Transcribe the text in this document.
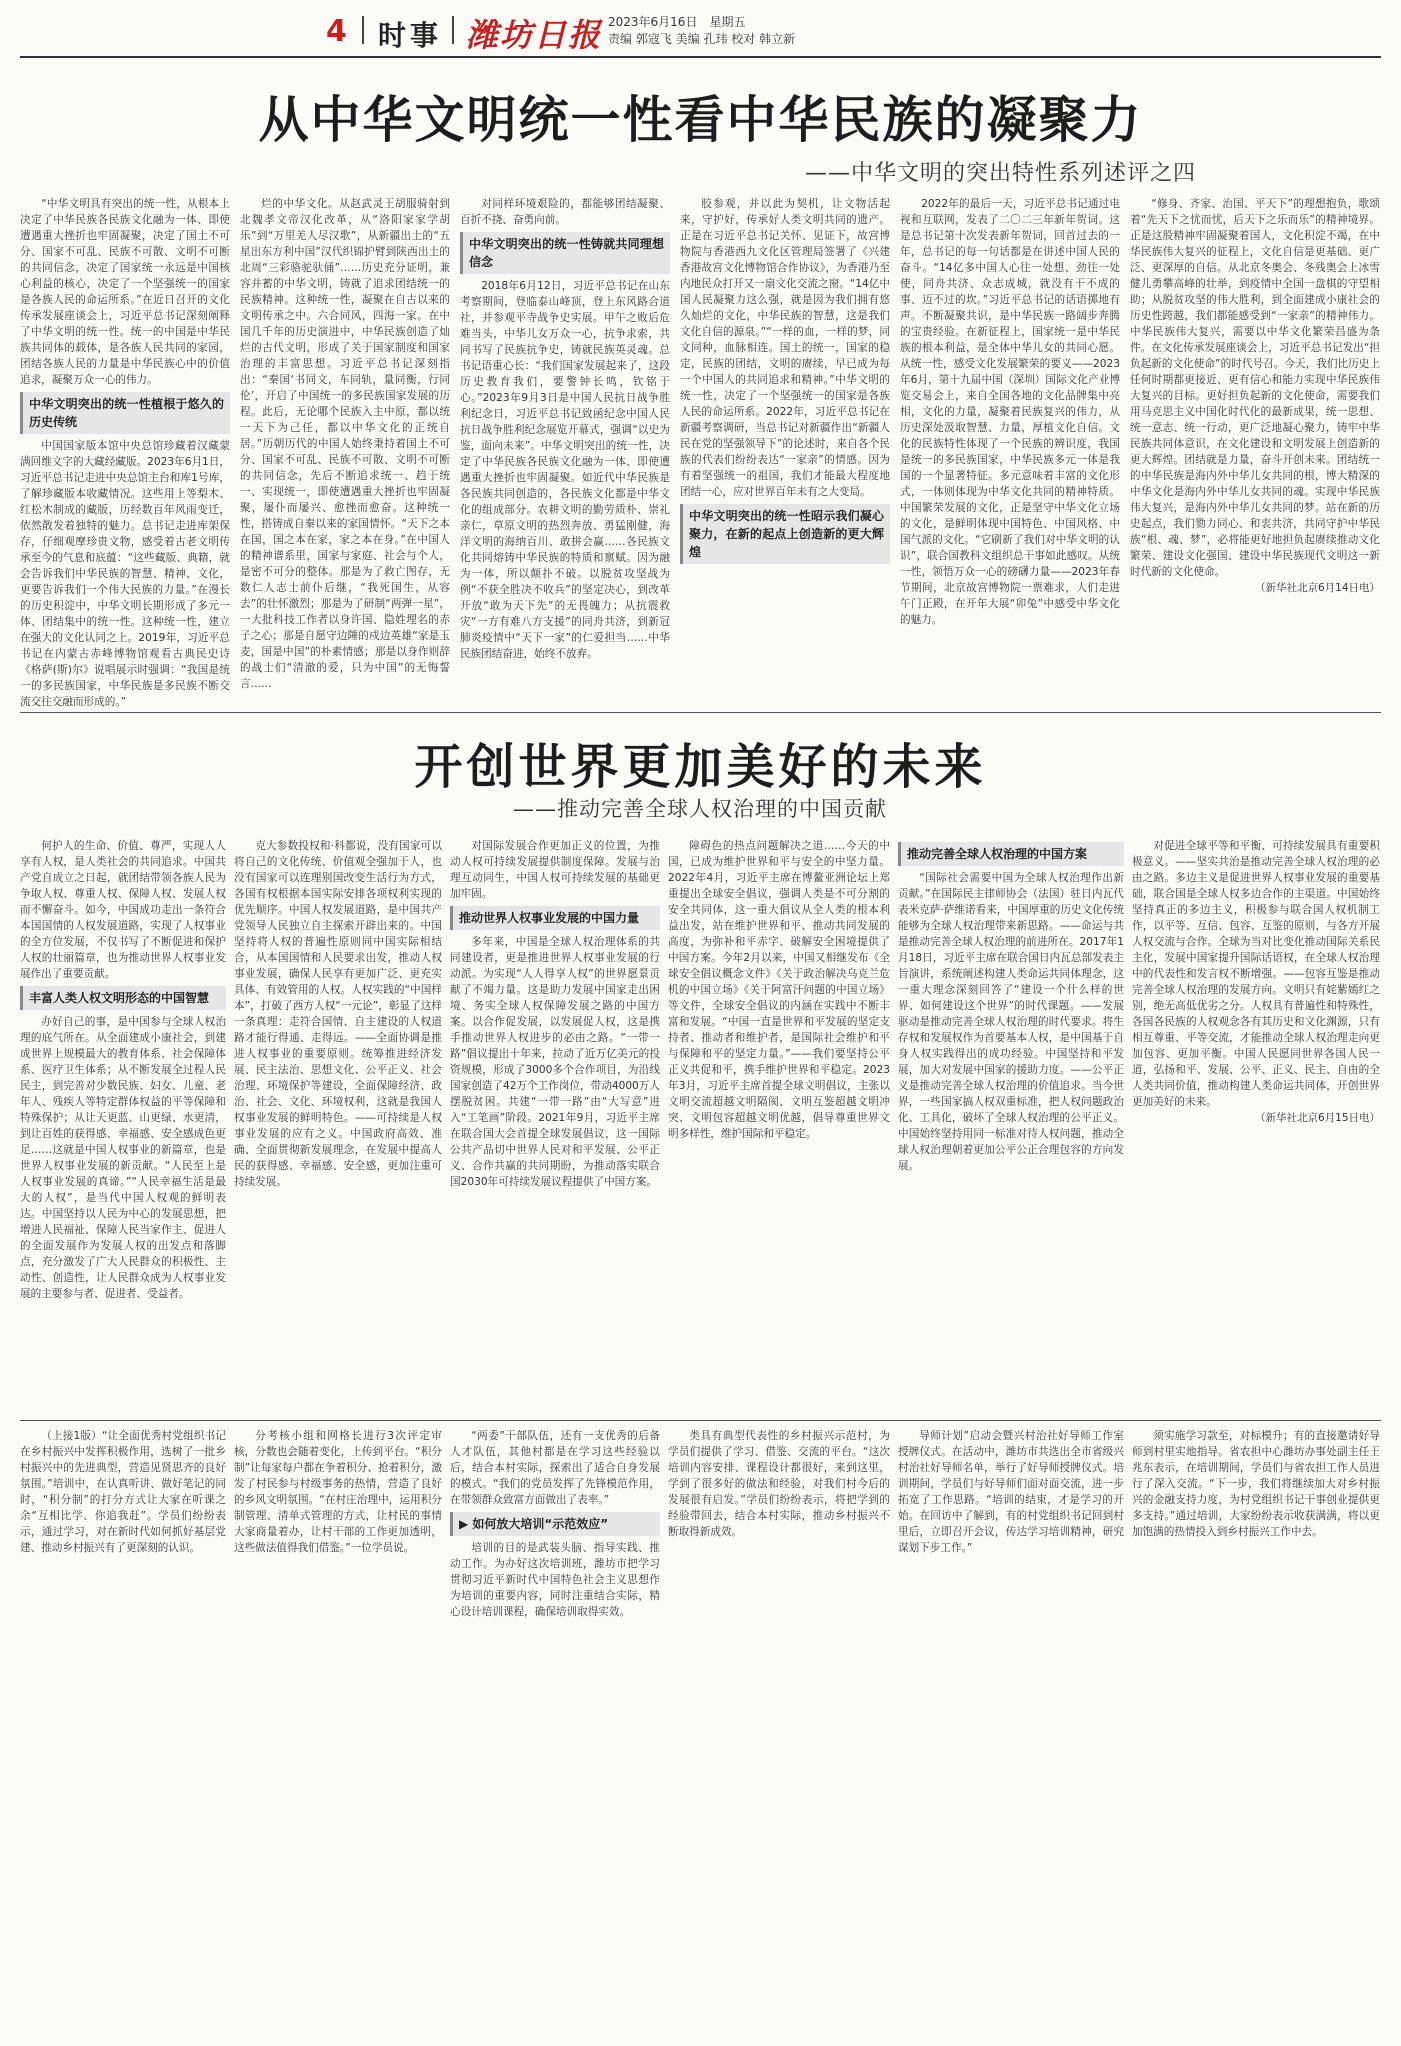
4 时事 潍坊日报 2023年6月16日 星期五
责编 郭寇飞 美编 孔玮 校对 韩立新
从中华文明统一性看中华民族的凝聚力
——中华文明的突出特性系列述评之四

“中华文明具有突出的统一性，从根本上决定了中华民族各民族文化融为一体、即使遭遇重大挫折也牢固凝聚，决定了国土不可分、国家不可乱、民族不可散、文明不可断的共同信念，决定了国家统一永远是中国核心利益的核心，决定了一个坚强统一的国家是各族人民的命运所系。”在近日召开的文化传承发展座谈会上，习近平总书记深刻阐释了中华文明的统一性。统一的中国是中华民族共同体的载体，是各族人民共同的家园，团结各族人民的力量是中华民族心中的价值追求，凝聚万众一心的伟力。

中华文明突出的统一性植根于悠久的历史传统

中国国家版本馆中央总馆珍藏着汉藏蒙满回维文字的大藏经藏版。2023年6月1日，习近平总书记走进中央总馆主台和库1号库，了解珍藏版本收藏情况。这些用上等梨木、红松木制成的藏版，历经数百年风雨变迁，依然散发着独特的魅力。总书记走进库架保存，仔细观摩珍贵文物，感受着古老文明传承至今的气息和底蕴：“这些藏版、典籍，就会告诉我们中华民族的智慧、精神、文化，更要告诉我们一个伟大民族的力量。”在漫长的历史积淀中，中华文明长期形成了多元一体、团结集中的统一性。这种统一性，建立在强大的文化认同之上。2019年，习近平总书记在内蒙古赤峰博物馆观看古典民史诗《格萨(斯)尔》说唱展示时强调：“我国是统一的多民族国家，中华民族是多民族不断交流交往交融而形成的。”

烂的中华文化。从赵武灵王胡服骑射到北魏孝文帝汉化改革，从“洛阳家家学胡乐”到“万里羌人尽汉歌”，从新疆出土的“五星出东方利中国”汉代织锦护臂到陕西出土的北周“三彩骆驼驮俑”……历史充分证明，兼容并蓄的中华文明，铸就了追求团结统一的民族精神。这种统一性，凝聚在自古以来的文明传承之中。六合同风，四海一家。在中国几千年的历史演进中，中华民族创造了灿烂的古代文明，形成了关于国家制度和国家治理的丰富思想。习近平总书记深刻指出：“秦国‘书同文，车同轨，量同衡，行同伦’，开启了中国统一的多民族国家发展的历程。此后，无论哪个民族入主中原，都以统一天下为己任，都以中华文化的正统自居。”历朝历代的中国人始终秉持着国土不可分、国家不可乱、民族不可散、文明不可断的共同信念，先后不断追求统一、趋于统一、实现统一，即使遭遇重大挫折也牢固凝聚，屡仆而屡兴、愈挫而愈奋。这种统一性，搭铸成自秦以来的家国情怀。“天下之本在国，国之本在家，家之本在身。”在中国人的精神谱系里，国家与家庭、社会与个人，是密不可分的整体。那是为了救亡图存，无数仁人志士前仆后继，“我死国生，从容去”的壮怀激烈；那是为了研制“两弹一星”，一大批科技工作者以身许国、隐姓埋名的赤子之心；那是自愿守边陲的戍边英雄“家是玉麦，国是中国”的朴素情感；那是以身作则辞的战士们“清澈的爱，只为中国”的无悔誓言……

对同样环境艰险的，都能够团结凝聚、百折不挠、奋勇向前。

中华文明突出的统一性铸就共同理想信念

2018年6月12日，习近平总书记在山东考察期间，登临泰山峰顶，登上东风路合道社，并参观平寺战争史实展。甲午之败后危难当头，中华儿女万众一心，抗争求索，共同书写了民族抗争史，铸就民族英灵魂。总书记语重心长：“我们国家发展起来了，这段历史教育我们，要警钟长鸣，钦铭于心。”2023年9月3日是中国人民抗日战争胜利纪念日，习近平总书记致函纪念中国人民抗日战争胜利纪念展览开幕式，强调“以史为鉴，面向未来”。中华文明突出的统一性，决定了中华民族各民族文化融为一体、即使遭遇重大挫折也牢固凝聚。如近代中华民族是各民族共同创造的，各民族文化都是中华文化的组成部分。农耕文明的勤劳质朴、崇礼亲仁，草原文明的热烈奔放、勇猛刚健，海洋文明的海纳百川、敢拼会赢……各民族文化共同熔铸中华民族的特质和禀赋。因为融为一体，所以颠扑不破。以脱贫攻坚战为例“不获全胜决不收兵”的坚定决心，到改革开放“敢为天下先”的无畏魄力；从抗震救灾“一方有难八方支援”的同舟共济，到新冠肺炎疫情中“天下一家”的仁爱担当……中华民族团结奋进，始终不放弃。

胶参观，并以此为契机，让文物活起来，守护好，传承好人类文明共同的遗产。正是在习近平总书记关怀、见证下，故宫博物院与香港西九文化区管理局签署了《兴建香港故宫文化博物馆合作协议》，为香港乃至内地民众打开又一扇文化交流之窗。“14亿中国人民凝聚力这么强，就是因为我们拥有悠久灿烂的文化，中华民族的智慧，这是我们文化自信的源泉。”“一样的血，一样的梦，同文同种，血脉相连。国土的统一，国家的稳定，民族的团结，文明的赓续，早已成为每一个中国人的共同追求和精神。”中华文明的统一性，决定了一个坚强统一的国家是各族人民的命运所系。2022年，习近平总书记在新疆考察调研，当总书记对新疆作出“新疆人民在党的坚强领导下”的论述时，来自各个民族的代表们纷纷表达“一家亲”的情感。因为有着坚强统一的祖国，我们才能最大程度地团结一心，应对世界百年未有之大变局。

中华文明突出的统一性昭示我们凝心聚力，在新的起点上创造新的更大辉煌

2022年的最后一天，习近平总书记通过电视和互联网，发表了二〇二三年新年贺词。这是总书记第十次发表新年贺词，回首过去的一年，总书记的每一句话都是在讲述中国人民的奋斗。“14亿多中国人心往一处想、劲往一处使，同舟共济、众志成城，就没有干不成的事、迈不过的坎。”习近平总书记的话语掷地有声。不断凝聚共识，是中华民族一路阔步奔腾的宝贵经验。在新征程上，国家统一是中华民族的根本利益，是全体中华儿女的共同心愿。从统一性，感受文化发展繁荣的要义——2023年6月，第十九届中国（深圳）国际文化产业博览交易会上，来自全国各地的文化品牌集中亮相，文化的力量，凝聚着民族复兴的伟力，从历史深处汲取智慧、力量，厚植文化自信。文化的民族特性体现了一个民族的辨识度，我国是统一的多民族国家，中华民族多元一体是我国的一个显著特征。多元意味着丰富的文化形式，一体则体现为中华文化共同的精神特质。中国繁荣发展的文化，正是坚守中华文化立场的文化，是鲜明体现中国特色、中国风格、中国气派的文化。“它刷新了我们对中华文明的认识”，联合国教科文组织总干事如此感叹。从统一性，领悟万众一心的磅礴力量——2023年春节期间，北京故宫博物院一票难求，人们走进午门正殿，在开年大展“卯兔”中感受中华文化的魅力。

“修身、齐家、治国、平天下”的理想抱负，歌颂着“先天下之忧而忧，后天下之乐而乐”的精神境界。正是这股精神牢固凝聚着国人，文化积淀不竭，在中华民族伟大复兴的征程上，文化自信是更基础、更广泛、更深厚的自信。从北京冬奥会、冬残奥会上冰雪健儿勇攀高峰的壮举，到疫情中全国一盘棋的守望相助；从脱贫攻坚的伟大胜利，到全面建成小康社会的历史性跨越，我们都能感受到“一家亲”的精神伟力。中华民族伟大复兴，需要以中华文化繁荣昌盛为条件。在文化传承发展座谈会上，习近平总书记发出“担负起新的文化使命”的时代号召。今天，我们比历史上任何时期都更接近、更有信心和能力实现中华民族伟大复兴的目标。更好担负起新的文化使命，需要我们用马克思主义中国化时代化的最新成果，统一思想、统一意志、统一行动，更广泛地凝心聚力，铸牢中华民族共同体意识，在文化建设和文明发展上创造新的更大辉煌。团结就是力量，奋斗开创未来。团结统一的中华民族是海内外中华儿女共同的根，博大精深的中华文化是海内外中华儿女共同的魂。实现中华民族伟大复兴，是海内外中华儿女共同的梦。站在新的历史起点，我们勠力同心、和衷共济，共同守护中华民族“根、魂、梦”，必将能更好地担负起赓续推动文化繁荣、建设文化强国、建设中华民族现代文明这一新时代新的文化使命。

（新华社北京6月14日电）
开创世界更加美好的未来
——推动完善全球人权治理的中国贡献

何护人的生命、价值、尊严，实现人人享有人权，是人类社会的共同追求。中国共产党自成立之日起，就团结带领各族人民为争取人权、尊重人权、保障人权、发展人权而不懈奋斗。如今，中国成功走出一条符合本国国情的人权发展道路，实现了人权事业的全方位发展，不仅书写了不断促进和保护人权的壮丽篇章，也为推动世界人权事业发展作出了重要贡献。

丰富人类人权文明形态的中国智慧

办好自己的事，是中国参与全球人权治理的底气所在。从全面建成小康社会，到建成世界上规模最大的教育体系、社会保障体系、医疗卫生体系；从不断发展全过程人民民主，到完善对少数民族、妇女、儿童、老年人、残疾人等特定群体权益的平等保障和特殊保护；从让天更蓝、山更绿、水更清，到让百姓的获得感、幸福感、安全感成色更足……这就是中国人权事业的新篇章，也是世界人权事业发展的新贡献。“人民至上是人权事业发展的真谛。”“人民幸福生活是最大的人权”，是当代中国人权观的鲜明表达。中国坚持以人民为中心的发展思想，把增进人民福祉、保障人民当家作主、促进人的全面发展作为发展人权的出发点和落脚点，充分激发了广大人民群众的积极性、主动性、创造性，让人民群众成为人权事业发展的主要参与者、促进者、受益者。

克大参数投权和·科都说，没有国家可以将自己的文化传统、价值观全强加于人，也没有国家可以连理别国改变生活行为方式，各国有权根据本国实际安排各项权利实现的优先顺序。中国人权发展道路，是中国共产党领导人民独立自主探索开辟出来的。中国坚持将人权的普遍性原则同中国实际相结合，从本国国情和人民要求出发，推动人权事业发展，确保人民享有更加广泛、更充实具体、有效管用的人权。人权实践的“中国样本”，打破了西方人权“一元论”，彰显了这样一条真理：走符合国情、自主建设的人权道路才能行得通、走得远。——全面协调是推进人权事业的重要原则。统筹推进经济发展、民主法治、思想文化、公平正义、社会治理、环境保护等建设，全面保障经济、政治、社会、文化、环境权利，这就是我国人权事业发展的鲜明特色。——可持续是人权事业发展的应有之义。中国政府高效、准确、全面贯彻新发展理念，在发展中提高人民的获得感、幸福感、安全感，更加注重可持续发展。

对国际发展合作更加正义的位置，为推动人权可持续发展提供制度保障。发展与治理互动同生，中国人权可持续发展的基础更加牢固。

推动世界人权事业发展的中国力量

多年来，中国是全球人权治理体系的共同建设者，更是推进世界人权事业发展的行动派。为实现“人人得享人权”的世界愿景贡献了不竭力量。这是助力发展中国家走出困境、务实全球人权保障发展之路的中国方案。以合作促发展，以发展促人权，这是携手推动世界人权进步的必由之路。“一带一路”倡议提出十年来，拉动了近万亿美元的投资规模，形成了3000多个合作项目，为沿线国家创造了42万个工作岗位，带动4000万人摆脱贫困。共建“一带一路”由“大写意”进入“工笔画”阶段。2021年9月，习近平主席在联合国大会首提全球发展倡议，这一国际公共产品切中世界人民对和平发展、公平正义、合作共赢的共同期盼，为推动落实联合国2030年可持续发展议程提供了中国方案。

障碍色的热点问题解决之道……今天的中国，已成为维护世界和平与安全的中坚力量。2022年4月，习近平主席在博鳌亚洲论坛上郑重提出全球安全倡议，强调人类是不可分割的安全共同体，这一重大倡议从全人类的根本利益出发，站在维护世界和平、推动共同发展的高度，为弥补和平赤字、破解安全困境提供了中国方案。今年2月以来，中国又相继发布《全球安全倡议概念文件》《关于政治解决乌克兰危机的中国立场》《关于阿富汗问题的中国立场》等文件，全球安全倡议的内涵在实践中不断丰富和发展。“中国一直是世界和平发展的坚定支持者、推动者和维护者，是国际社会维护和平与保障和平的坚定力量。”——我们要坚持公平正义共促和平，携手维护世界和平稳定。2023年3月，习近平主席首提全球文明倡议，主张以文明交流超越文明隔阂、文明互鉴超越文明冲突、文明包容超越文明优越，倡导尊重世界文明多样性，维护国际和平稳定。

推动完善全球人权治理的中国方案

“国际社会需要中国为全球人权治理作出新贡献。”在国际民主律师协会（法国）驻日内瓦代表米克萨·萨维诺看来，中国厚重的历史文化传统能够为全球人权治理带来新思路。——命运与共是推动完善全球人权治理的前进所在。2017年1月18日，习近平主席在联合国日内瓦总部发表主旨演讲，系统阐述构建人类命运共同体理念，这一重大理念深刻回答了“建设一个什么样的世界、如何建设这个世界”的时代课题。——发展驱动是推动完善全球人权治理的时代要求。将生存权和发展权作为首要基本人权，是中国基于自身人权实践得出的成功经验。中国坚持和平发展，加大对发展中国家的援助力度。——公平正义是推动完善全球人权治理的价值追求。当今世界，一些国家搞人权双重标准，把人权问题政治化、工具化，破坏了全球人权治理的公平正义。中国始终坚持用同一标准对待人权问题，推动全球人权治理朝着更加公平公正合理包容的方向发展。

对促进全球平等和平衡、可持续发展具有重要积极意义。——坚实共治是推动完善全球人权治理的必由之路。多边主义是促进世界人权事业发展的重要基础，联合国是全球人权多边合作的主渠道。中国始终坚持真正的多边主义，积极参与联合国人权机制工作，以平等、互信、包容、互鉴的原则，与各方开展人权交流与合作。全球为当对比变化推动国际关系民主化，发展中国家提升国际话语权，在全球人权治理中的代表性和发言权不断增强。——包容互鉴是推动完善全球人权治理的发展方向。文明只有姹紫嫣红之别，绝无高低优劣之分。人权具有普遍性和特殊性，各国各民族的人权观念各有其历史和文化渊源，只有相互尊重、平等交流，才能推动全球人权治理走向更加包容、更加平衡。中国人民愿同世界各国人民一道，弘扬和平、发展、公平、正义、民主、自由的全人类共同价值，推动构建人类命运共同体，开创世界更加美好的未来。

（新华社北京6月15日电）

（上接1版）“让全面优秀村党组织书记在乡村振兴中发挥积极作用，选树了一批乡村振兴中的先进典型，营造见贤思齐的良好氛围。”培训中，在认真听讲、做好笔记的同时，“积分制”的打分方式让大家在听课之余“互相比学、你追我赶”。学员们纷纷表示，通过学习，对在新时代如何抓好基层党建、推动乡村振兴有了更深刻的认识。

分考核小组和网格长进行3次评定审核，分数也会随着变化，上传到平台。“积分制”让每家每户都在争着积分、抢着积分，激发了村民参与村级事务的热情，营造了良好的乡风文明氛围。“在村庄治理中，运用积分制管理、清单式管理的方式，让村民的事情大家商量着办，让村干部的工作更加透明，这些做法值得我们借鉴。”一位学员说。

“两委”干部队伍，还有一支优秀的后备人才队伍，其他村都是在学习这些经验以后，结合本村实际，探索出了适合自身发展的模式。“我们的党员发挥了先锋模范作用，在带领群众致富方面做出了表率。”

▶ 如何放大培训“示范效应”

培训的目的是武装头脑、指导实践、推动工作。为办好这次培训班，潍坊市把学习贯彻习近平新时代中国特色社会主义思想作为培训的重要内容，同时注重结合实际，精心设计培训课程，确保培训取得实效。

类具有典型代表性的乡村振兴示范村，为学员们提供了学习、借鉴、交流的平台。“这次培训内容安排、课程设计都很好，来到这里，学到了很多好的做法和经验，对我们村今后的发展很有启发。”学员们纷纷表示，将把学到的经验带回去，结合本村实际，推动乡村振兴不断取得新成效。

导师计划”启动会暨兴村治社好导师工作室授牌仪式。在活动中，潍坊市共选出全市省级兴村治社好导师名单，举行了好导师授牌仪式。培训期间，学员们与好导师们面对面交流，进一步拓宽了工作思路。“培训的结束，才是学习的开始。在回访中了解到，有的村党组织书记回到村里后，立即召开会议，传达学习培训精神，研究谋划下步工作。”

须实施学习款至，对标模升；有的直接邀请好导师到村里实地指导。省农担中心潍坊办事处副主任王兆东表示，在培训期间，学员们与省农担工作人员进行了深入交流。“下一步，我们将继续加大对乡村振兴的金融支持力度，为村党组织书记干事创业提供更多支持。”通过培训，大家纷纷表示收获满满，将以更加饱满的热情投入到乡村振兴工作中去。
